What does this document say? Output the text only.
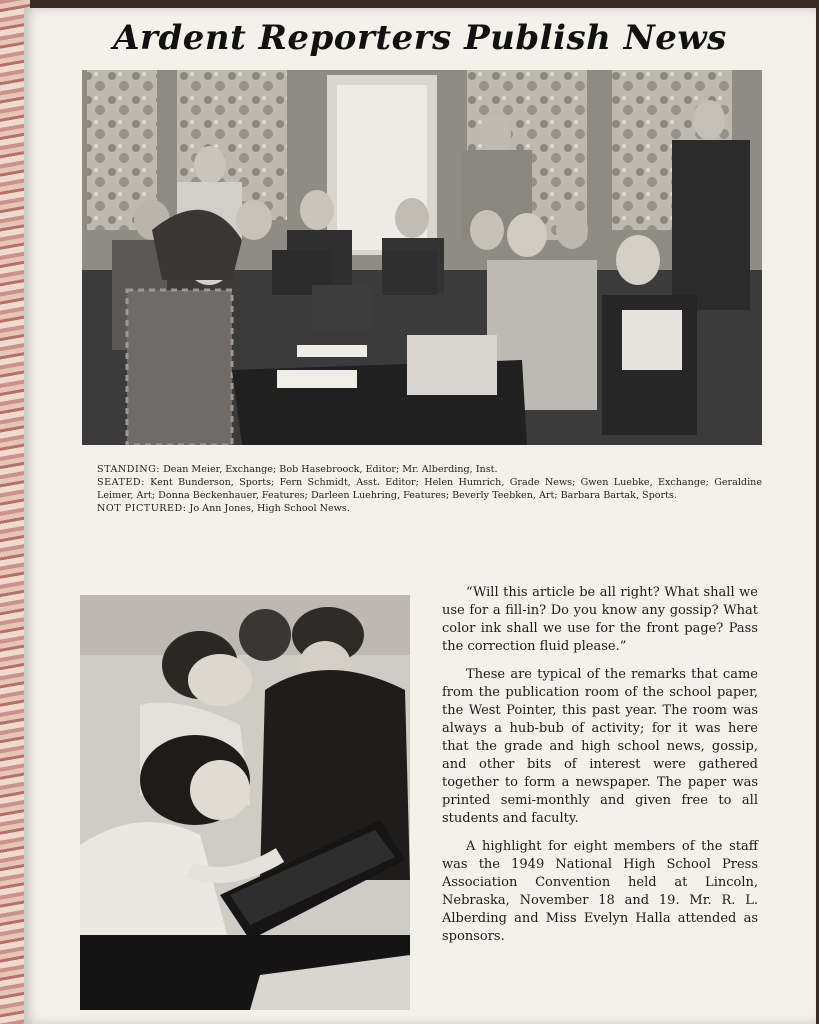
Ardent Reporters Publish News

STANDING: Dean Meier, Exchange; Bob Hasebroock, Editor; Mr. Alberding, Inst.

SEATED: Kent Bunderson, Sports; Fern Schmidt, Asst. Editor; Helen Humrich, Grade News; Gwen Luebke, Exchange; Geraldine Leimer, Art; Donna Beckenhauer, Features; Darleen Luehring, Features; Beverly Teebken, Art; Barbara Bartak, Sports.

NOT PICTURED: Jo Ann Jones, High School News.

“Will this article be all right? What shall we use for a fill-in? Do you know any gossip? What color ink shall we use for the front page? Pass the correction fluid please.”

These are typical of the remarks that came from the publication room of the school paper, the West Pointer, this past year. The room was always a hub-bub of activity; for it was here that the grade and high school news, gossip, and other bits of interest were gathered together to form a newspaper. The paper was printed semi-monthly and given free to all students and faculty.

A highlight for eight members of the staff was the 1949 National High School Press Association Convention held at Lincoln, Nebraska, November 18 and 19. Mr. R. L. Alberding and Miss Evelyn Halla attended as sponsors.
